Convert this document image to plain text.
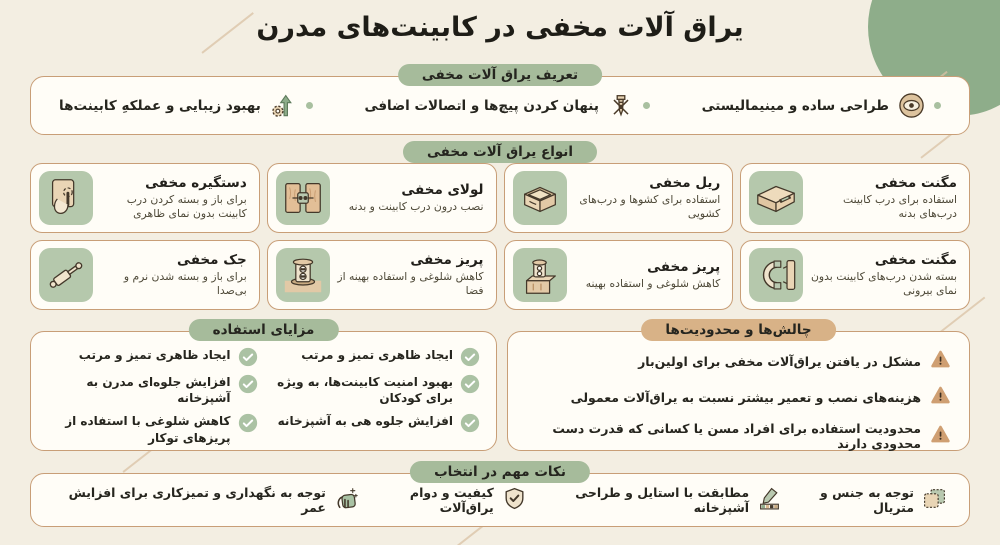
یراق آلات مخفی در کابینت‌های مدرن
تعریف یراق آلات مخفی
طراحی ساده و مینیمالیستی
پنهان کردن پیچ‌ها و اتصالات اضافی
بهبود زیبایی و عملکهِ کابینت‌ها
انواع یراق آلات مخفی
مگنت مخفی
استفاده برای درب کابینت درب‌های بدنه
ریل مخفی
استفاده برای کشوها و درب‌های کشویی
لولای مخفی
نصب درون درب کابینت و بدنه
دستگیره مخفی
برای باز و بسته کردن درب کابینت بدون نمای ظاهری
مگنت مخفی
بسته شدن درب‌های کابینت بدون نمای بیرونی
پریز مخفی
کاهش شلوغی و استفاده بهینه
پریز مخفی
کاهش شلوغی و استفاده بهینه از فضا
جک مخفی
برای باز و بسته شدن نرم و بی‌صدا
چالش‌ها و محدودیت‌ها
مشکل در یافتن یراق‌آلات مخفی برای اولین‌بار
هزینه‌های نصب و تعمیر بیشتر نسبت به یراق‌آلات معمولی
محدودیت استفاده برای افراد مسن یا کسانی که قدرت دست محدودی دارند
مزایای استفاده
ایجاد ظاهری تمیز و مرتب
ایجاد ظاهری تمیز و مرتب
بهبود امنیت کابینت‌ها، به ویژه برای کودکان
افزایش جلوه‌ای مدرن به آشپزخانه
افزایش جلوه هی به آشپزخانه
کاهش شلوغی با استفاده از پریزهای توکار
نکات مهم در انتخاب
توجه به جنس و متریال
مطابقت با استایل و طراحی آشپزخانه
کیفیت و دوام یراق‌آلات
توجه به نگهداری و تمیزکاری برای افزایش عمر
